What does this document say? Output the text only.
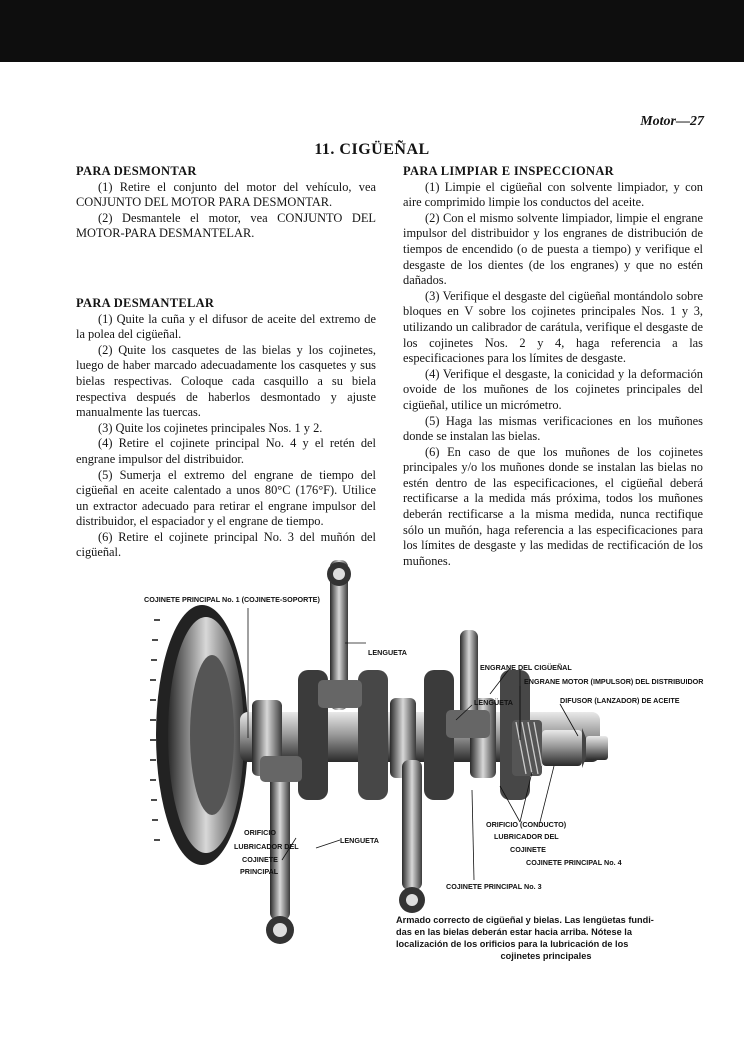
Motor—27
11. CIGÜEÑAL
PARA DESMONTAR

(1) Retire el conjunto del motor del vehículo, vea CONJUNTO DEL MOTOR PARA DESMONTAR.

(2) Desmantele el motor, vea CONJUNTO DEL MOTOR-PARA DESMANTELAR.

PARA DESMANTELAR

(1) Quite la cuña y el difusor de aceite del extremo de la polea del cigüeñal.

(2) Quite los casquetes de las bielas y los cojinetes, luego de haber marcado adecuadamente los casquetes y sus bielas respectivas. Coloque cada casquillo a su biela respectiva después de haberlos desmontado y ajuste manualmente las tuercas.

(3) Quite los cojinetes principales Nos. 1 y 2.

(4) Retire el cojinete principal No. 4 y el retén del engrane impulsor del distribuidor.

(5) Sumerja el extremo del engrane de tiempo del cigüeñal en aceite calentado a unos 80°C (176°F). Utilice un extractor adecuado para retirar el engrane impulsor del distribuidor, el espaciador y el engrane de tiempo.

(6) Retire el cojinete principal No. 3 del muñón del cigüeñal.

PARA LIMPIAR E INSPECCIONAR

(1) Limpie el cigüeñal con solvente limpiador, y con aire comprimido limpie los conductos del aceite.

(2) Con el mismo solvente limpiador, limpie el engrane impulsor del distribuidor y los engranes de distribución de tiempos de encendido (o de puesta a tiempo) y verifique el desgaste de los dientes (de los engranes) y que no estén dañados.

(3) Verifique el desgaste del cigüeñal montándolo sobre bloques en V sobre los cojinetes principales Nos. 1 y 3, utilizando un calibrador de carátula, verifique el desgaste de los cojinetes Nos. 2 y 4, haga referencia a las especificaciones para los límites de desgaste.

(4) Verifique el desgaste, la conicidad y la deformación ovoide de los muñones de los cojinetes principales del cigüeñal, utilice un micrómetro.

(5) Haga las mismas verificaciones en los muñones donde se instalan las bielas.

(6) En caso de que los muñones de los cojinetes principales y/o los muñones donde se instalan las bielas no estén dentro de las especificaciones, el cigüeñal deberá rectificarse a la medida más próxima, todos los muñones deberán rectificarse a la misma medida, nunca rectifique sólo un muñón, haga referencia a las especificaciones para los límites de desgaste y las medidas de rectificación de los muñones.

COJINETE PRINCIPAL No. 1 (COJINETE-SOPORTE)
LENGUETA
ENGRANE DEL CIGÜEÑAL
ENGRANE MOTOR (IMPULSOR) DEL DISTRIBUIDOR
LENGÜETA	DIFUSOR (LANZADOR) DE ACEITE
ORIFICIO (CONDUCTO)
LUBRICADOR DEL
COJINETE
COJINETE PRINCIPAL No. 4
ORIFICIO
LUBRICADOR DEL
COJINETE
PRINCIPAL
LENGUETA
COJINETE PRINCIPAL No. 3
Armado correcto de cigüeñal y bielas. Las lengüetas fundi-
das en las bielas deberán estar hacia arriba. Nótese la
localización de los orificios para la lubricación de los
cojinetes principales
